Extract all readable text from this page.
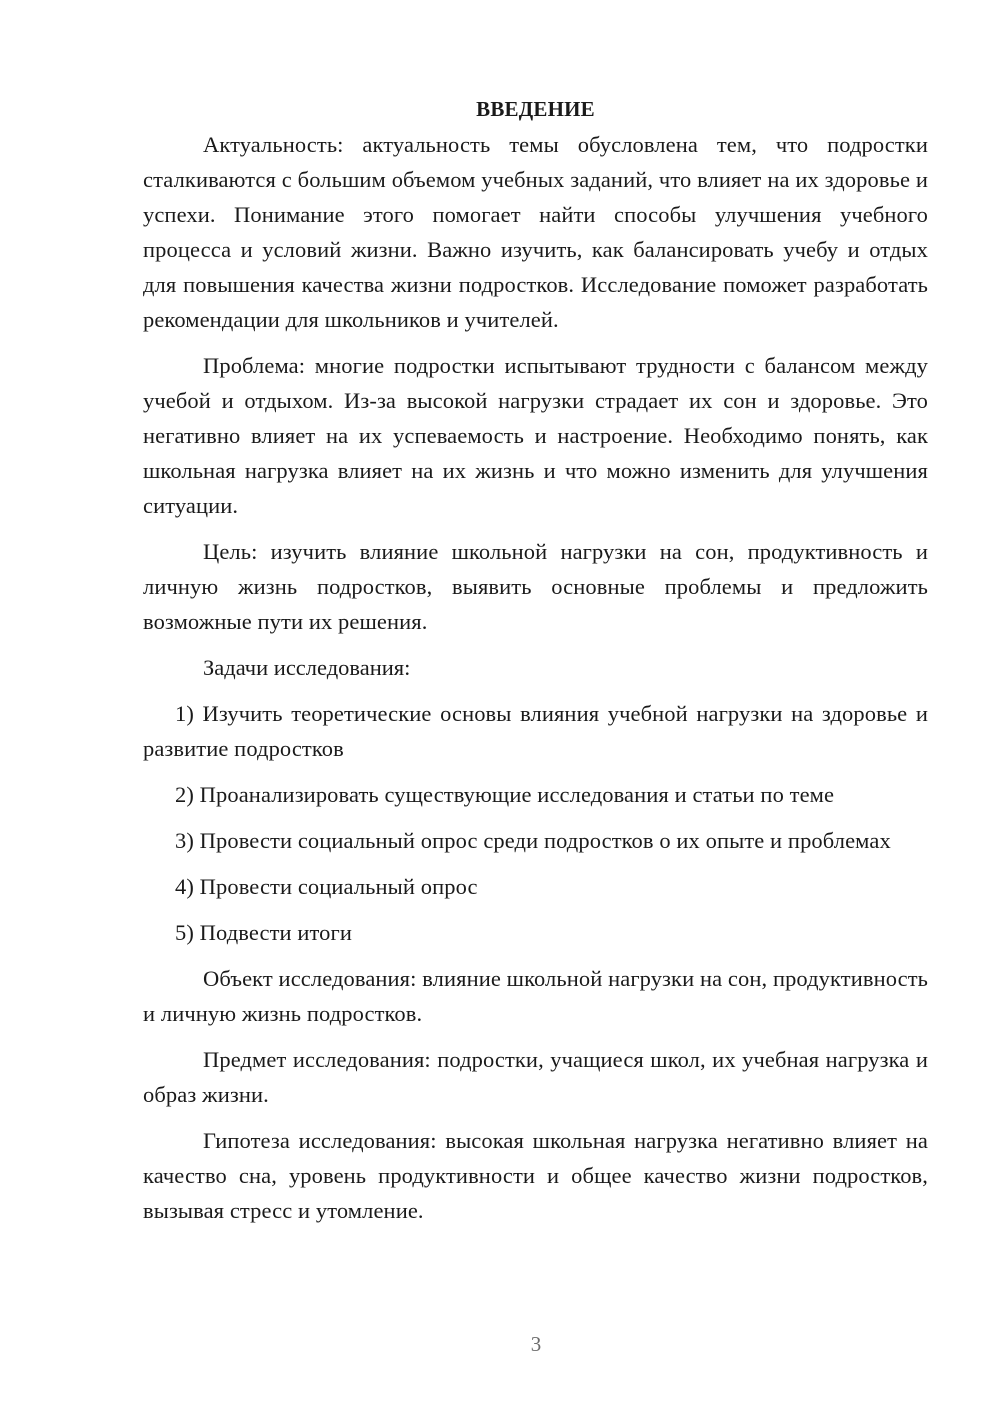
ВВЕДЕНИЕ

Актуальность: актуальность темы обусловлена тем, что подростки сталкиваются с большим объемом учебных заданий, что влияет на их здоровье и успехи. Понимание этого помогает найти способы улучшения учебного процесса и условий жизни. Важно изучить, как балансировать учебу и отдых для повышения качества жизни подростков. Исследование поможет разработать рекомендации для школьников и учителей.

Проблема: многие подростки испытывают трудности с балансом между учебой и отдыхом. Из-за высокой нагрузки страдает их сон и здоровье. Это негативно влияет на их успеваемость и настроение. Необходимо понять, как школьная нагрузка влияет на их жизнь и что можно изменить для улучшения ситуации.

Цель: изучить влияние школьной нагрузки на сон, продуктивность и личную жизнь подростков, выявить основные проблемы и предложить возможные пути их решения.

Задачи исследования:

1) Изучить теоретические основы влияния учебной нагрузки на здоровье и развитие подростков

2) Проанализировать существующие исследования и статьи по теме

3) Провести социальный опрос среди подростков о их опыте и проблемах

4) Провести социальный опрос

5) Подвести итоги

Объект исследования: влияние школьной нагрузки на сон, продуктивность и личную жизнь подростков.

Предмет исследования: подростки, учащиеся школ, их учебная нагрузка и образ жизни.

Гипотеза исследования: высокая школьная нагрузка негативно влияет на качество сна, уровень продуктивности и общее качество жизни подростков, вызывая стресс и утомление.

3
